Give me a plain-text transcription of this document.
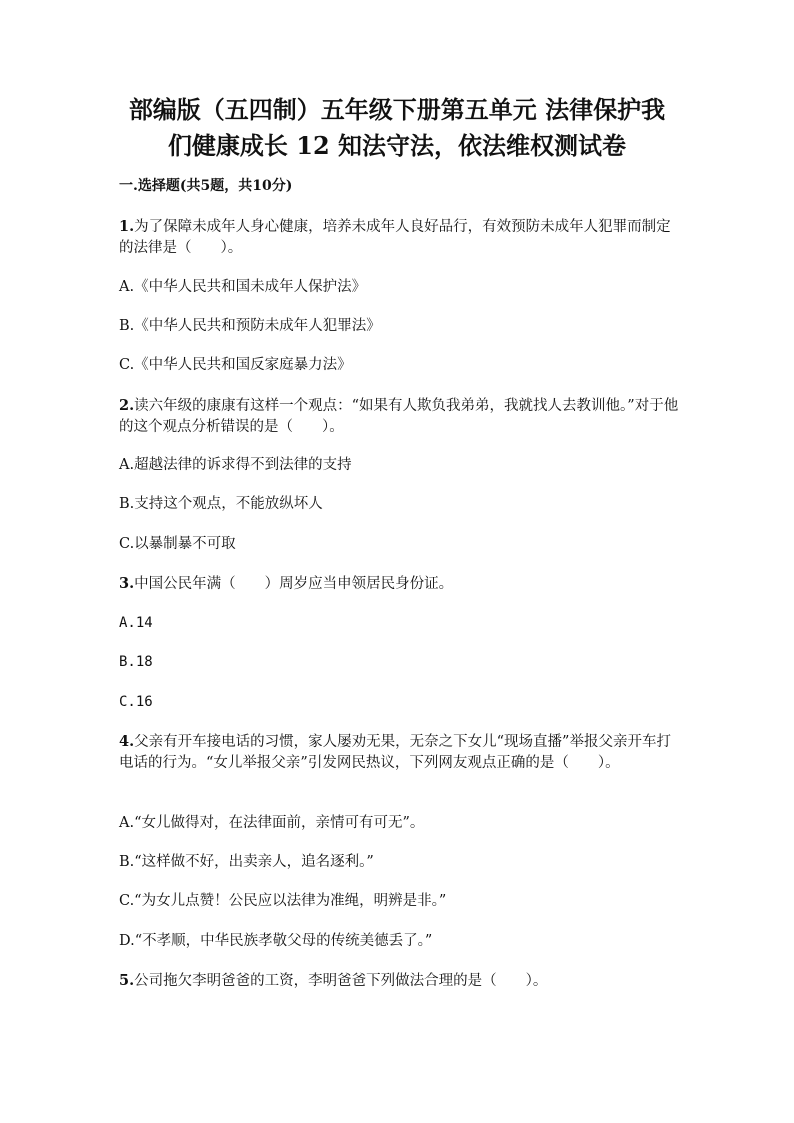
部编版（五四制）五年级下册第五单元 法律保护我
们健康成长 12 知法守法，依法维权测试卷

一.选择题(共5题，共10分)

1.为了保障未成年人身心健康，培养未成年人良好品行，有效预防未成年人犯罪而制定的法律是（　　）。

A.《中华人民共和国未成年人保护法》

B.《中华人民共和预防未成年人犯罪法》

C.《中华人民共和国反家庭暴力法》

2.读六年级的康康有这样一个观点：“如果有人欺负我弟弟，我就找人去教训他。”对于他的这个观点分析错误的是（　　）。

A.超越法律的诉求得不到法律的支持

B.支持这个观点，不能放纵坏人

C.以暴制暴不可取

3.中国公民年满（　　）周岁应当申领居民身份证。

A.14

B.18

C.16

4.父亲有开车接电话的习惯，家人屡劝无果，无奈之下女儿“现场直播”举报父亲开车打电话的行为。“女儿举报父亲”引发网民热议，下列网友观点正确的是（　　）。

A.“女儿做得对，在法律面前，亲情可有可无”。

B.“这样做不好，出卖亲人，追名逐利。”

C.“为女儿点赞！公民应以法律为准绳，明辨是非。”

D.“不孝顺，中华民族孝敬父母的传统美德丢了。”

5.公司拖欠李明爸爸的工资，李明爸爸下列做法合理的是（　　）。
